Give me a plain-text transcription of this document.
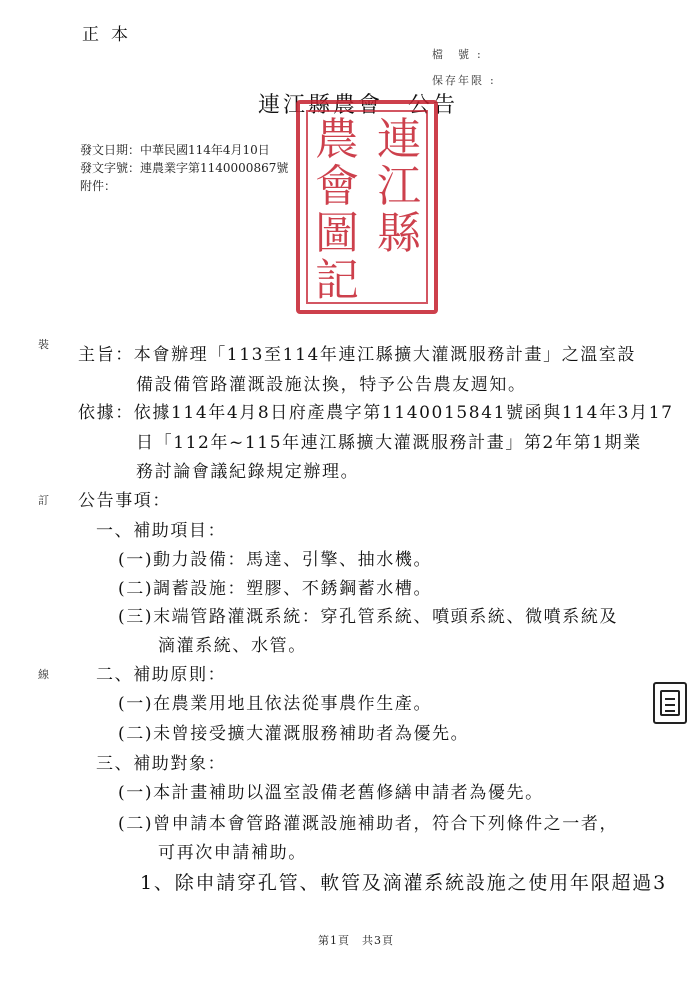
正本
檔　號 :
保存年限 :
連江縣農會　公告
發文日期：中華民國114年4月10日
發文字號：連農業字第1140000867號
附件：
連
江
縣
農
會
圖
記
裝
訂
線
主旨：本會辦理「113至114年連江縣擴大灌溉服務計畫」之溫室設
備設備管路灌溉設施汰換，特予公告農友週知。
依據：依據114年4月8日府產農字第1140015841號函與114年3月17
日「112年~115年連江縣擴大灌溉服務計畫」第2年第1期業
務討論會議紀錄規定辦理。
公告事項：
一、補助項目：
(一)動力設備：馬達、引擎、抽水機。
(二)調蓄設施：塑膠、不銹鋼蓄水槽。
(三)末端管路灌溉系統：穿孔管系統、噴頭系統、微噴系統及
滴灌系統、水管。
二、補助原則：
(一)在農業用地且依法從事農作生產。
(二)未曾接受擴大灌溉服務補助者為優先。
三、補助對象：
(一)本計畫補助以溫室設備老舊修繕申請者為優先。
(二)曾申請本會管路灌溉設施補助者，符合下列條件之一者，
可再次申請補助。
第1頁　共3頁
1、除申請穿孔管、軟管及滴灌系統設施之使用年限超過3
